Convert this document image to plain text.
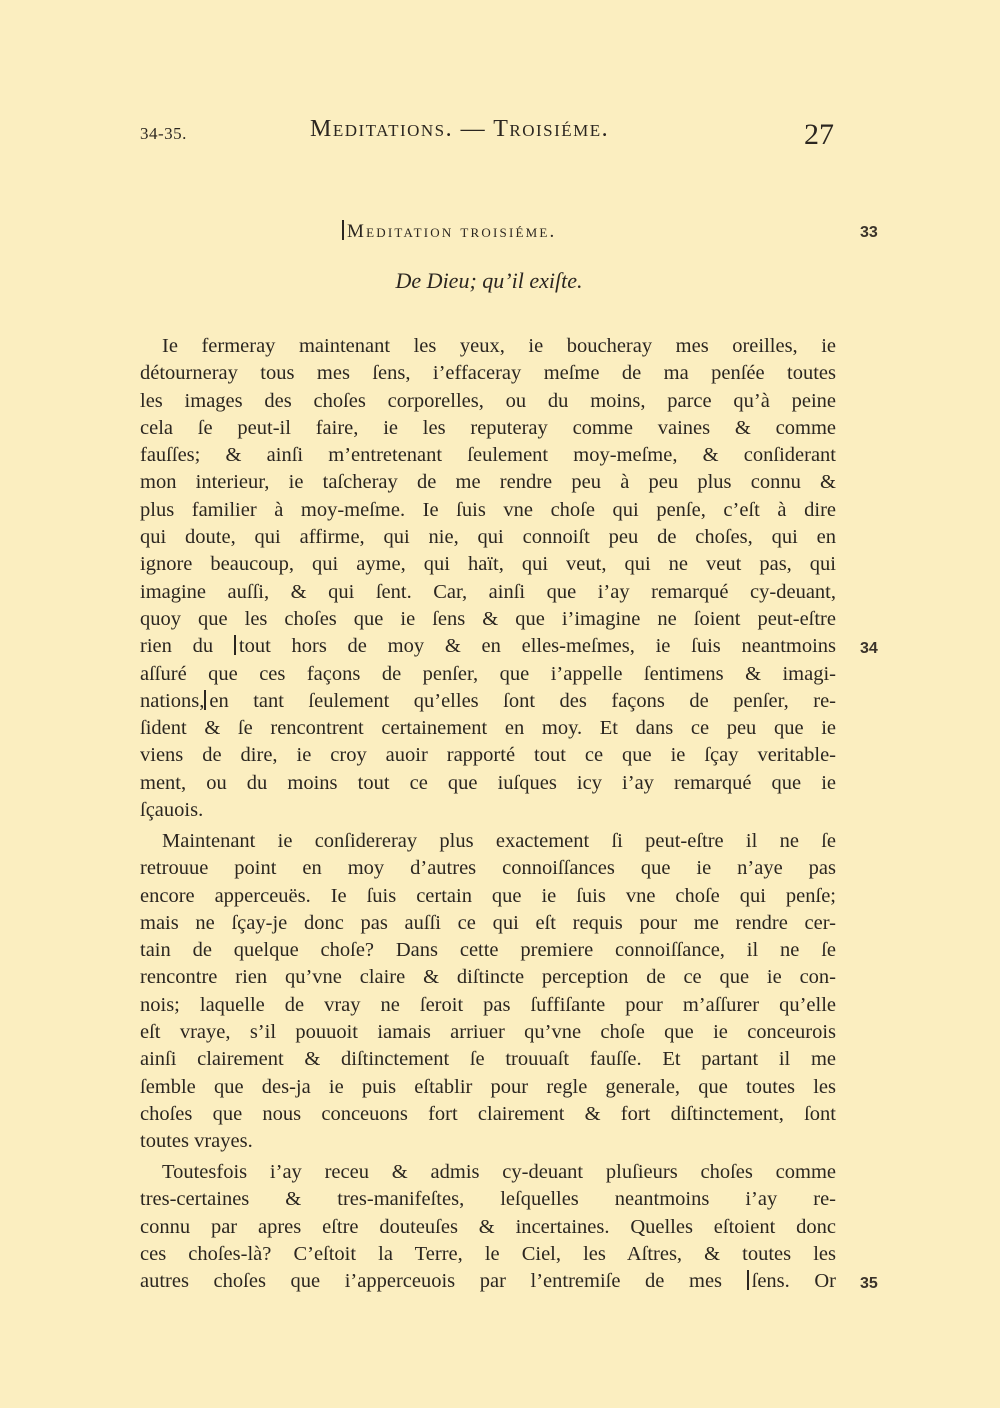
34-35.	Meditations. — Troisiéme.	27
Meditation troisiéme.	33
De Dieu; qu’il exiſte.
Ie fermeray maintenant les yeux, ie boucheray mes oreilles, ie
détourneray tous mes ſens, i’effaceray meſme de ma penſée toutes
les images des choſes corporelles, ou du moins, parce qu’à peine
cela ſe peut-il faire, ie les reputeray comme vaines & comme
fauſſes; & ainſi m’entretenant ſeulement moy-meſme, & conſiderant
mon interieur, ie taſcheray de me rendre peu à peu plus connu &
plus familier à moy-meſme. Ie ſuis vne choſe qui penſe, c’eſt à dire
qui doute, qui affirme, qui nie, qui connoiſt peu de choſes, qui en
ignore beaucoup, qui ayme, qui haït, qui veut, qui ne veut pas, qui
imagine auſſi, & qui ſent. Car, ainſi que i’ay remarqué cy-deuant,
quoy que les choſes que ie ſens & que i’imagine ne ſoient peut-eſtre
rien du tout hors de moy & en elles-meſmes, ie ſuis neantmoins
aſſuré que ces façons de penſer, que i’appelle ſentimens & imagi-
nations, en tant ſeulement qu’elles ſont des façons de penſer, re-
ſident & ſe rencontrent certainement en moy. Et dans ce peu que ie
viens de dire, ie croy auoir rapporté tout ce que ie ſçay veritable-
ment, ou du moins tout ce que iuſques icy i’ay remarqué que ie
ſçauois.
34
Maintenant ie conſidereray plus exactement ſi peut-eſtre il ne ſe
retrouue point en moy d’autres connoiſſances que ie n’aye pas
encore apperceuës. Ie ſuis certain que ie ſuis vne choſe qui penſe;
mais ne ſçay-je donc pas auſſi ce qui eſt requis pour me rendre cer-
tain de quelque choſe? Dans cette premiere connoiſſance, il ne ſe
rencontre rien qu’vne claire & diſtincte perception de ce que ie con-
nois; laquelle de vray ne ſeroit pas ſuffiſante pour m’aſſurer qu’elle
eſt vraye, s’il pouuoit iamais arriuer qu’vne choſe que ie conceurois
ainſi clairement & diſtinctement ſe trouuaſt fauſſe. Et partant il me
ſemble que des-ja ie puis eſtablir pour regle generale, que toutes les
choſes que nous conceuons fort clairement & fort diſtinctement, ſont
toutes vrayes.
Toutesfois i’ay receu & admis cy-deuant pluſieurs choſes comme
tres-certaines & tres-manifeſtes, leſquelles neantmoins i’ay re-
connu par apres eſtre douteuſes & incertaines. Quelles eſtoient donc
ces choſes-là? C’eſtoit la Terre, le Ciel, les Aſtres, & toutes les
autres choſes que i’apperceuois par l’entremiſe de mes ſens. Or 35
